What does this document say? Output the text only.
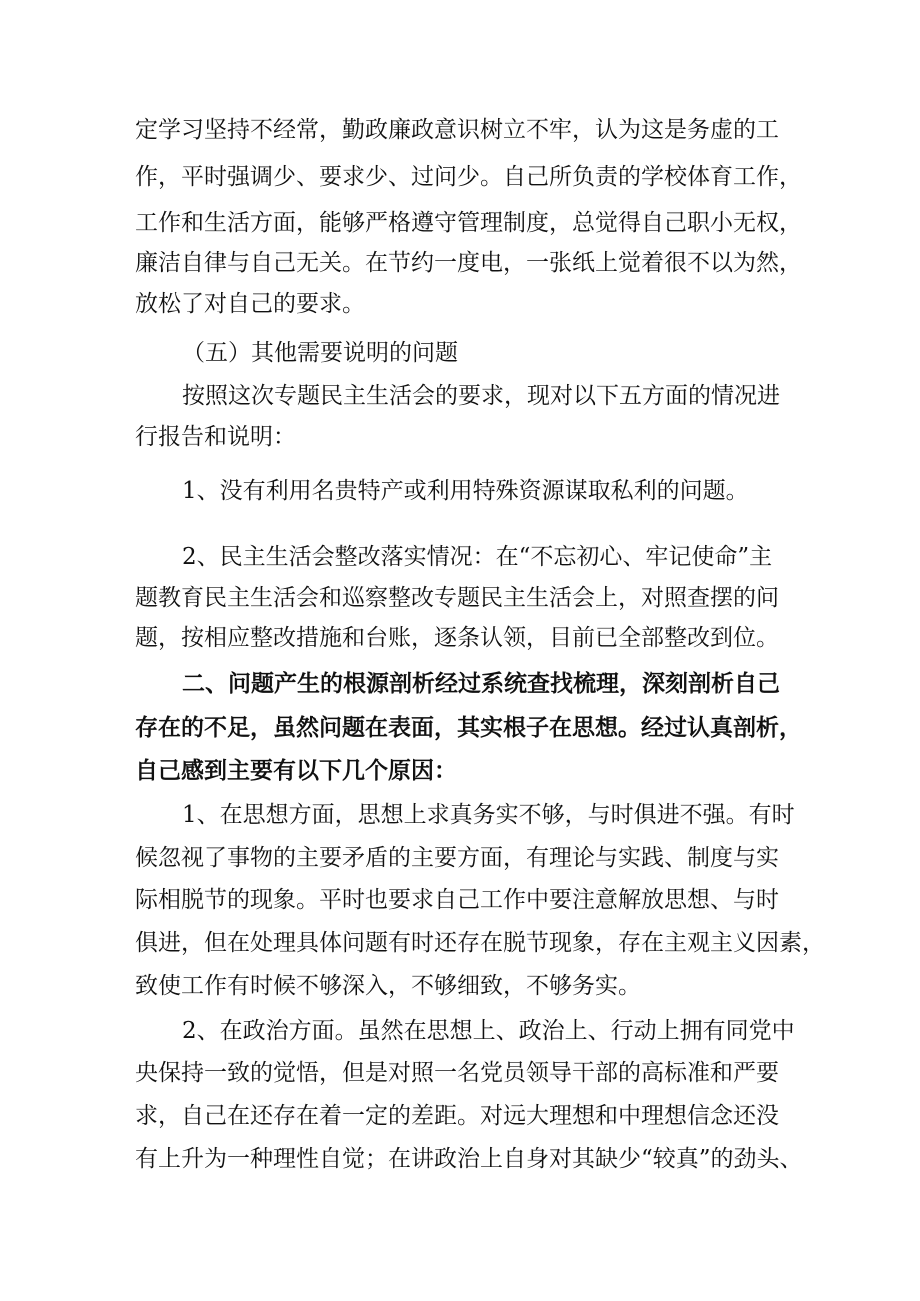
定学习坚持不经常，勤政廉政意识树立不牢，认为这是务虚的工
作，平时强调少、要求少、过问少。自己所负责的学校体育工作，
工作和生活方面，能够严格遵守管理制度，总觉得自己职小无权，
廉洁自律与自己无关。在节约一度电，一张纸上觉着很不以为然，
放松了对自己的要求。
（五）其他需要说明的问题
按照这次专题民主生活会的要求，现对以下五方面的情况进
行报告和说明：
1、没有利用名贵特产或利用特殊资源谋取私利的问题。
2、民主生活会整改落实情况：在“不忘初心、牢记使命”主
题教育民主生活会和巡察整改专题民主生活会上，对照查摆的问
题，按相应整改措施和台账，逐条认领，目前已全部整改到位。
二、问题产生的根源剖析经过系统查找梳理，深刻剖析自己
存在的不足，虽然问题在表面，其实根子在思想。经过认真剖析，
自己感到主要有以下几个原因：
1、在思想方面，思想上求真务实不够，与时俱进不强。有时
候忽视了事物的主要矛盾的主要方面，有理论与实践、制度与实
际相脱节的现象。平时也要求自己工作中要注意解放思想、与时
俱进，但在处理具体问题有时还存在脱节现象，存在主观主义因素，
致使工作有时候不够深入，不够细致，不够务实。
2、在政治方面。虽然在思想上、政治上、行动上拥有同党中
央保持一致的觉悟，但是对照一名党员领导干部的高标准和严要
求，自己在还存在着一定的差距。对远大理想和中理想信念还没
有上升为一种理性自觉；在讲政治上自身对其缺少“较真”的劲头、
